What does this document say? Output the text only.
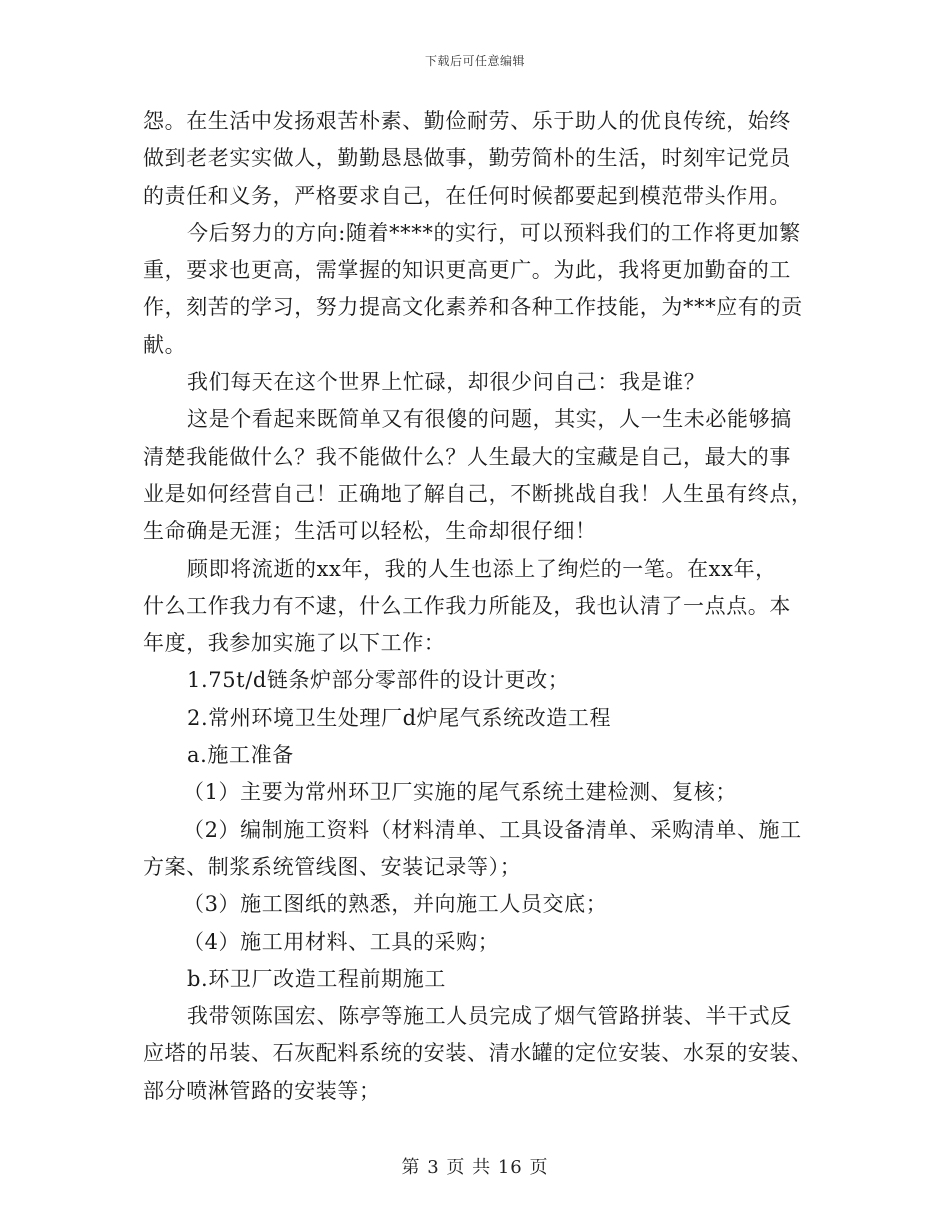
下载后可任意编辑
怨。在生活中发扬艰苦朴素、勤俭耐劳、乐于助人的优良传统，始终
做到老老实实做人，勤勤恳恳做事，勤劳简朴的生活，时刻牢记党员
的责任和义务，严格要求自己，在任何时候都要起到模范带头作用。
今后努力的方向:随着****的实行，可以预料我们的工作将更加繁
重，要求也更高，需掌握的知识更高更广。为此，我将更加勤奋的工
作，刻苦的学习，努力提高文化素养和各种工作技能，为***应有的贡
献。
我们每天在这个世界上忙碌，却很少问自己：我是谁？
这是个看起来既简单又有很傻的问题，其实，人一生未必能够搞
清楚我能做什么？我不能做什么？人生最大的宝藏是自己，最大的事
业是如何经营自己！正确地了解自己，不断挑战自我！人生虽有终点，
生命确是无涯；生活可以轻松，生命却很仔细！
顾即将流逝的xx年，我的人生也添上了绚烂的一笔。在xx年，
什么工作我力有不逮，什么工作我力所能及，我也认清了一点点。本
年度，我参加实施了以下工作：
1.75t/d链条炉部分零部件的设计更改；
2.常州环境卫生处理厂d炉尾气系统改造工程
a.施工准备
（1）主要为常州环卫厂实施的尾气系统土建检测、复核；
（2）编制施工资料（材料清单、工具设备清单、采购清单、施工
方案、制浆系统管线图、安装记录等）；
（3）施工图纸的熟悉，并向施工人员交底；
（4）施工用材料、工具的采购；
b.环卫厂改造工程前期施工
我带领陈国宏、陈亭等施工人员完成了烟气管路拼装、半干式反
应塔的吊装、石灰配料系统的安装、清水罐的定位安装、水泵的安装、
部分喷淋管路的安装等；
第 3 页 共 16 页
